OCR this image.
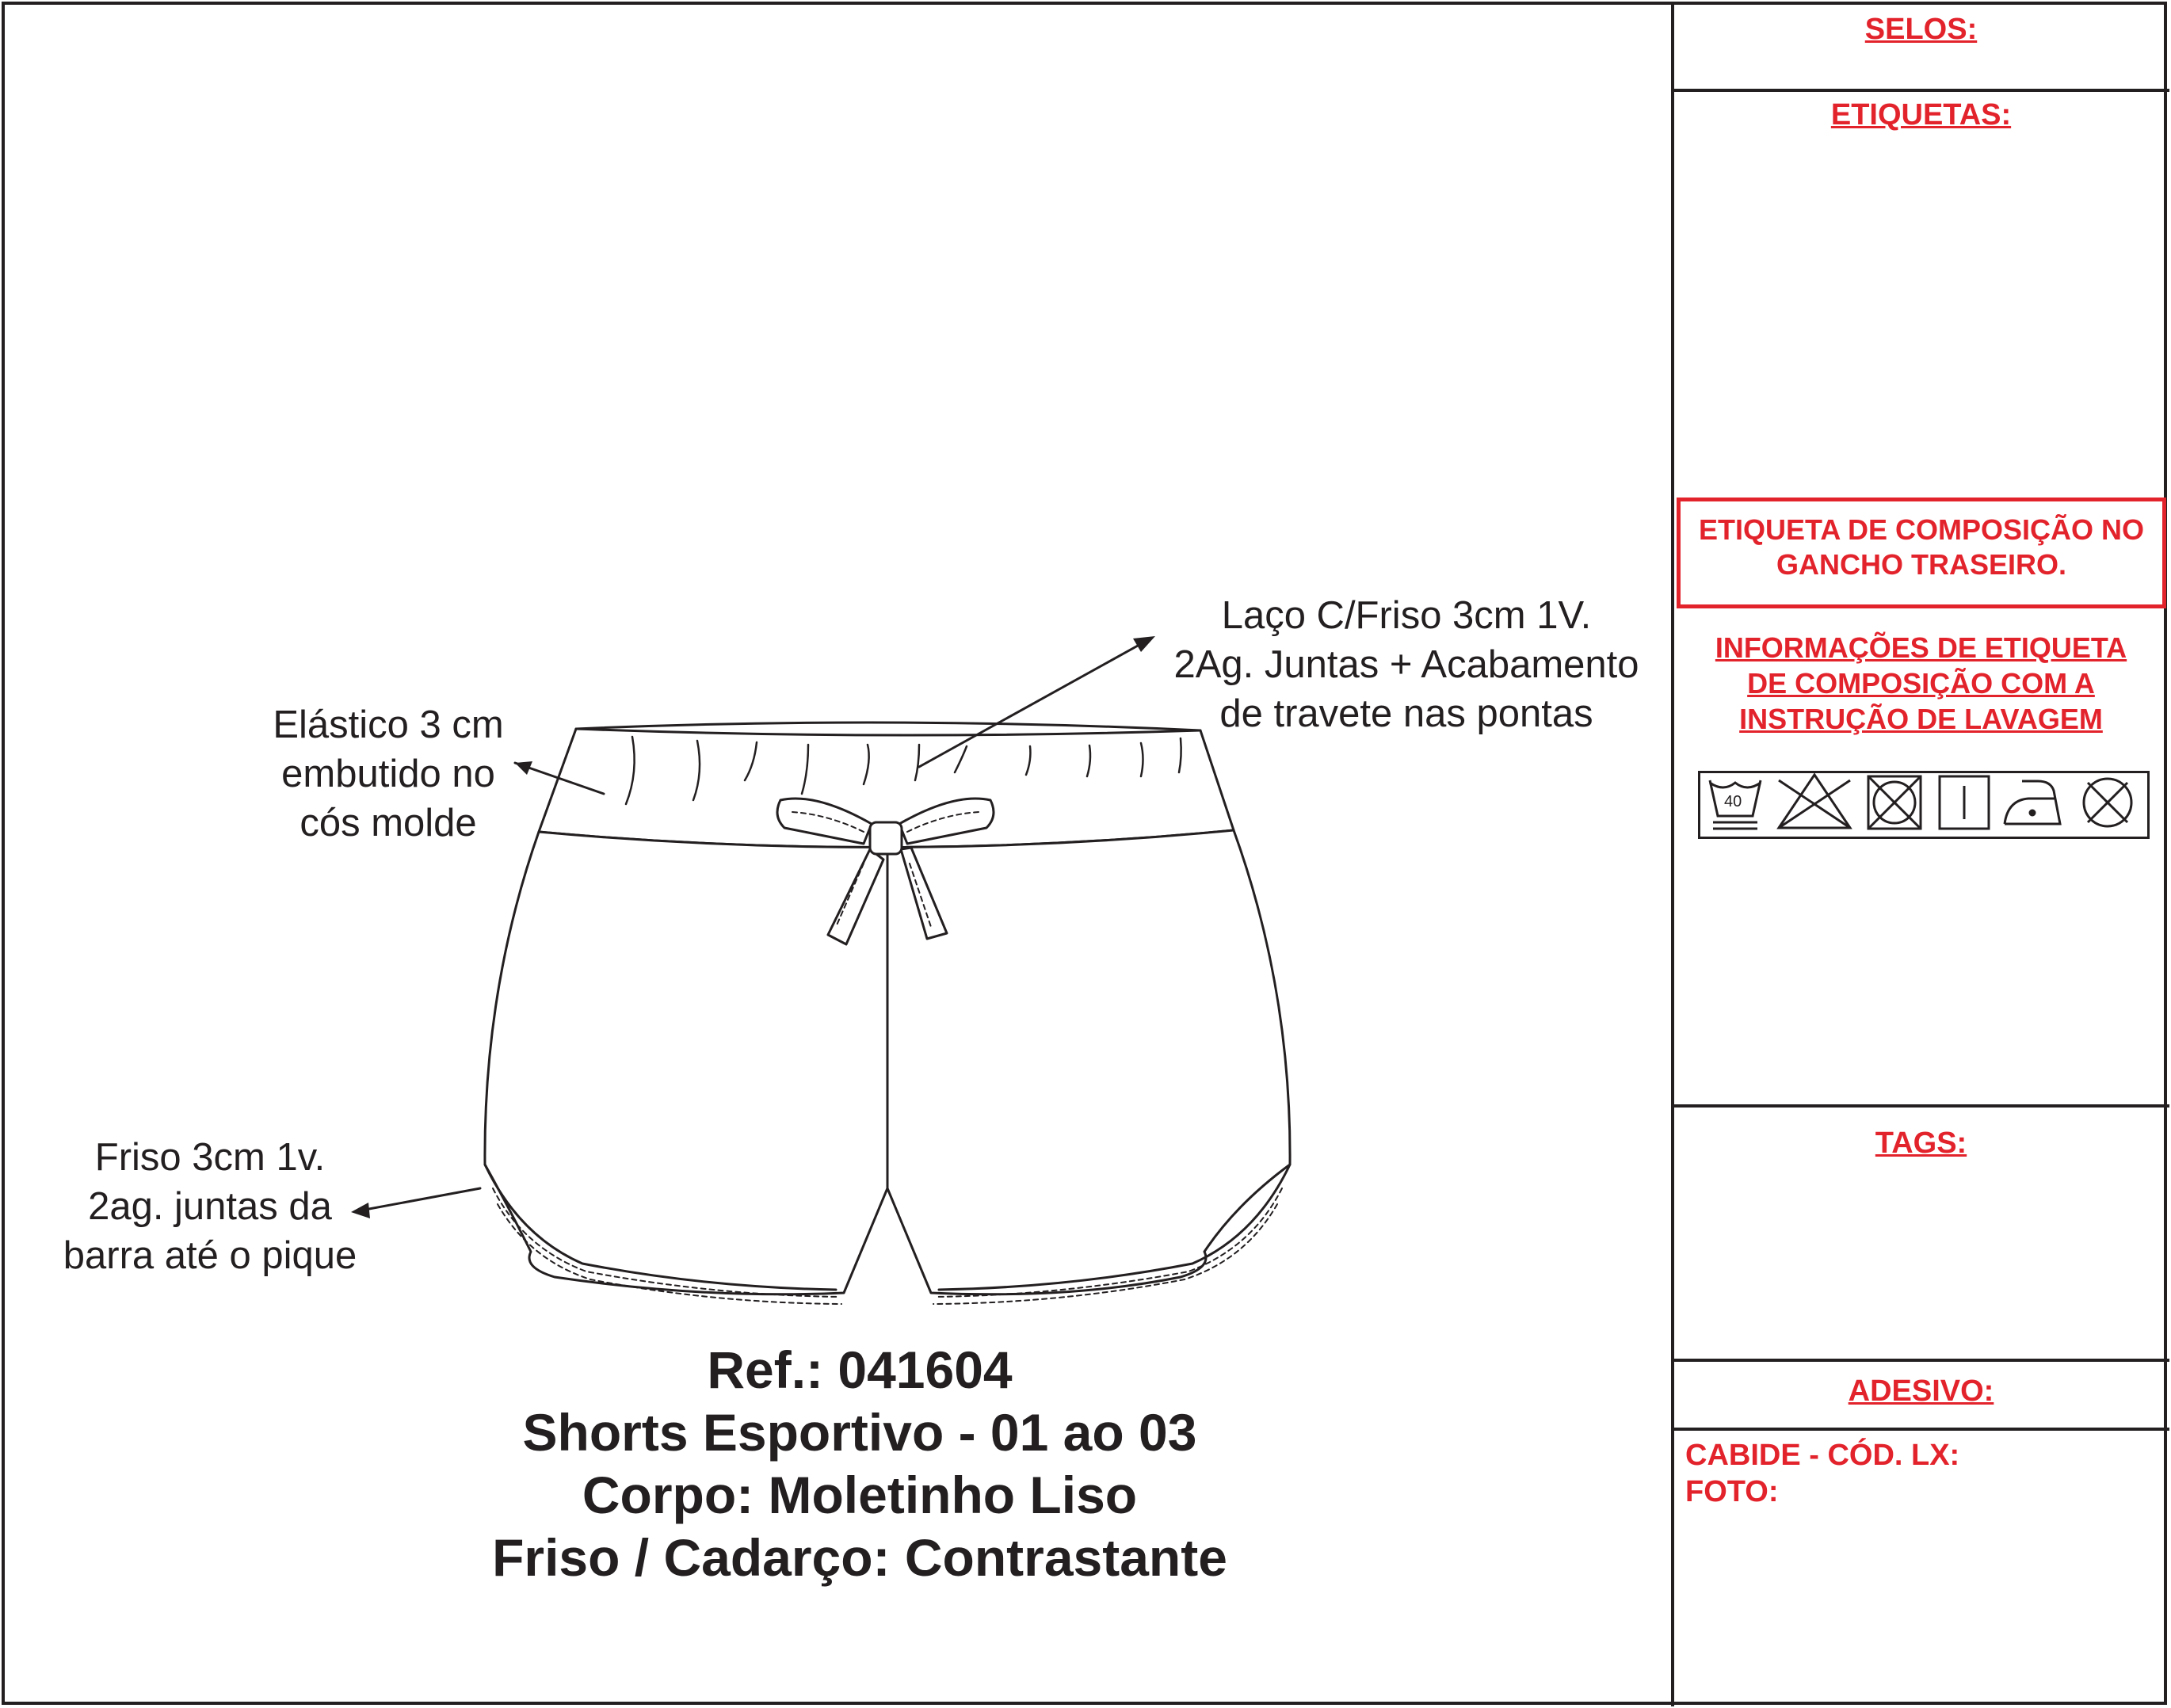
SELOS:
ETIQUETAS:
ETIQUETA DE COMPOSIÇÃO NO
GANCHO TRASEIRO.
INFORMAÇÕES DE ETIQUETA
DE COMPOSIÇÃO COM A
INSTRUÇÃO DE LAVAGEM
TAGS:
ADESIVO:
CABIDE - CÓD. LX:
FOTO:
40
Elástico 3 cm
embutido no
cós molde
Laço C/Friso 3cm 1V.
2Ag. Juntas + Acabamento
de travete nas pontas
Friso 3cm 1v.
2ag. juntas da
barra até o pique
Ref.: 041604
Shorts Esportivo - 01 ao 03
Corpo: Moletinho Liso
Friso / Cadarço: Contrastante
